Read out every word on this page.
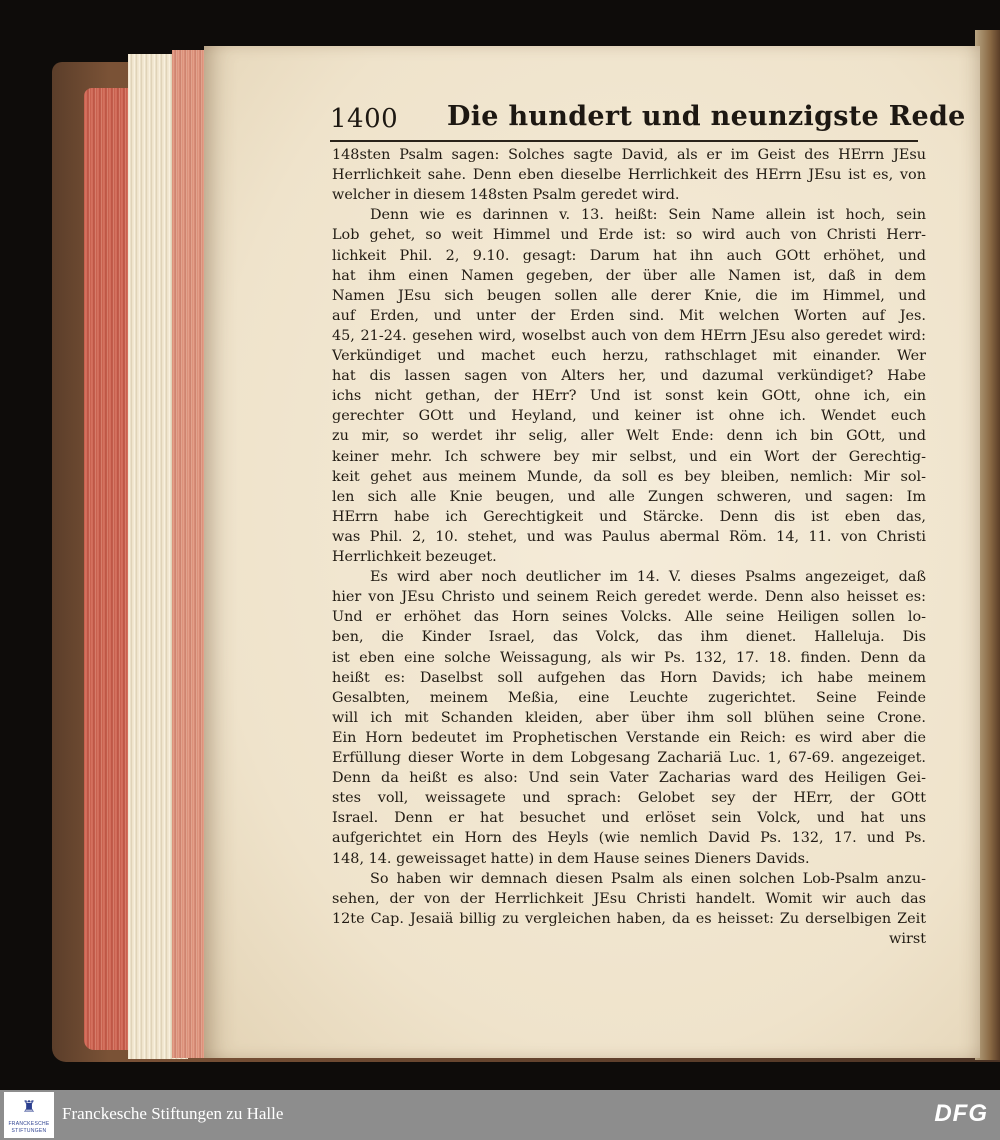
1400 Die hundert und neunzigste Rede
148sten Psalm sagen: Solches sagte David, als er im Geist des HErrn JEsu
Herrlichkeit sahe. Denn eben dieselbe Herrlichkeit des HErrn JEsu ist es, von
welcher in diesem 148sten Psalm geredet wird.
Denn wie es darinnen v. 13. heißt: Sein Name allein ist hoch, sein
Lob gehet, so weit Himmel und Erde ist: so wird auch von Christi Herr-
lichkeit Phil. 2, 9.10. gesagt: Darum hat ihn auch GOtt erhöhet, und
hat ihm einen Namen gegeben, der über alle Namen ist, daß in dem
Namen JEsu sich beugen sollen alle derer Knie, die im Himmel, und
auf Erden, und unter der Erden sind. Mit welchen Worten auf Jes.
45, 21-24. gesehen wird, woselbst auch von dem HErrn JEsu also geredet wird:
Verkündiget und machet euch herzu, rathschlaget mit einander. Wer
hat dis lassen sagen von Alters her, und dazumal verkündiget? Habe
ichs nicht gethan, der HErr? Und ist sonst kein GOtt, ohne ich, ein
gerechter GOtt und Heyland, und keiner ist ohne ich. Wendet euch
zu mir, so werdet ihr selig, aller Welt Ende: denn ich bin GOtt, und
keiner mehr. Ich schwere bey mir selbst, und ein Wort der Gerechtig-
keit gehet aus meinem Munde, da soll es bey bleiben, nemlich: Mir sol-
len sich alle Knie beugen, und alle Zungen schweren, und sagen: Im
HErrn habe ich Gerechtigkeit und Stärcke. Denn dis ist eben das,
was Phil. 2, 10. stehet, und was Paulus abermal Röm. 14, 11. von Christi
Herrlichkeit bezeuget.
Es wird aber noch deutlicher im 14. V. dieses Psalms angezeiget, daß
hier von JEsu Christo und seinem Reich geredet werde. Denn also heisset es:
Und er erhöhet das Horn seines Volcks. Alle seine Heiligen sollen lo-
ben, die Kinder Israel, das Volck, das ihm dienet. Halleluja. Dis
ist eben eine solche Weissagung, als wir Ps. 132, 17. 18. finden. Denn da
heißt es: Daselbst soll aufgehen das Horn Davids; ich habe meinem
Gesalbten, meinem Meßia, eine Leuchte zugerichtet. Seine Feinde
will ich mit Schanden kleiden, aber über ihm soll blühen seine Crone.
Ein Horn bedeutet im Prophetischen Verstande ein Reich: es wird aber die
Erfüllung dieser Worte in dem Lobgesang Zachariä Luc. 1, 67-69. angezeiget.
Denn da heißt es also: Und sein Vater Zacharias ward des Heiligen Gei-
stes voll, weissagete und sprach: Gelobet sey der HErr, der GOtt
Israel. Denn er hat besuchet und erlöset sein Volck, und hat uns
aufgerichtet ein Horn des Heyls (wie nemlich David Ps. 132, 17. und Ps.
148, 14. geweissaget hatte) in dem Hause seines Dieners Davids.
So haben wir demnach diesen Psalm als einen solchen Lob-Psalm anzu-
sehen, der von der Herrlichkeit JEsu Christi handelt. Womit wir auch das
12te Cap. Jesaiä billig zu vergleichen haben, da es heisset: Zu derselbigen Zeit
wirst
♜
FRANCKESCHE
STIFTUNGEN
Franckesche Stiftungen zu Halle	DFG
